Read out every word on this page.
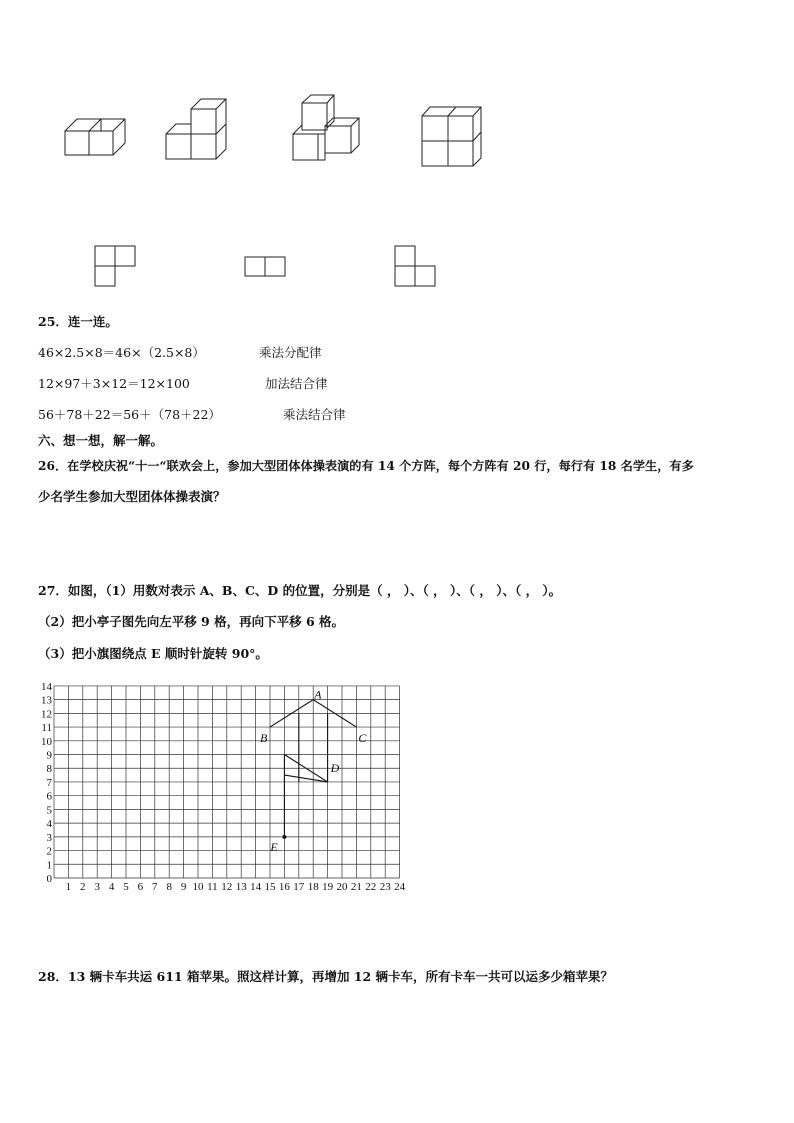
25．连一连。
46×2.5×8＝46×（2.5×8）
12×97＋3×12＝12×100
56＋78＋22＝56＋（78＋22）
乘法分配律
加法结合律
乘法结合律
六、想一想，解一解。
26．在学校庆祝“十一“联欢会上，参加大型团体体操表演的有 14 个方阵，每个方阵有 20 行，每行有 18 名学生，有多
少名学生参加大型团体体操表演？
27．如图，（1）用数对表示 A、B、C、D 的位置，分别是（ ， ）、（ ， ）、（ ， ）、（ ， ）。
（2）把小亭子图先向左平移 9 格，再向下平移 6 格。
（3）把小旗图绕点 E 顺时针旋转 90°。
1 2 3 4 5 6 7 8 9 10 11 12 13 14 15 16 17 18 19 20 21 22 23 24
0
1
2
3
4
5
6
7
8
9
10
11
12
13
14
A
B	C
D
E
28．13 辆卡车共运 611 箱苹果。照这样计算，再增加 12 辆卡车，所有卡车一共可以运多少箱苹果？
